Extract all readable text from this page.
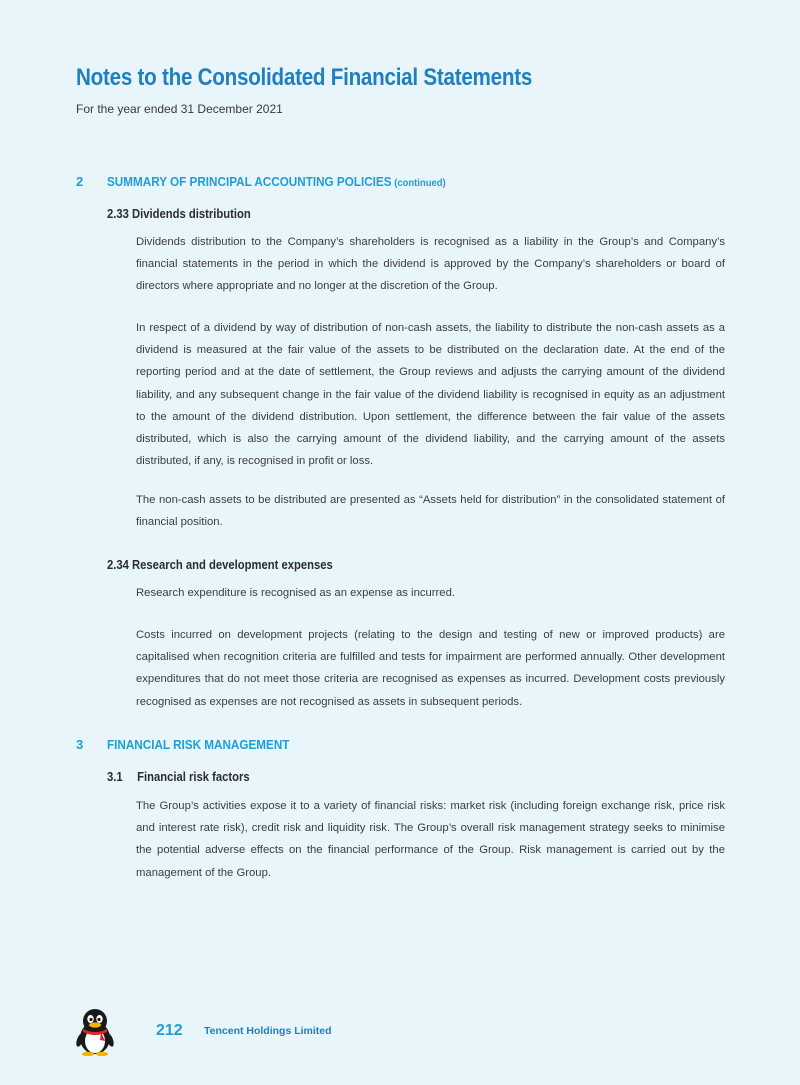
Notes to the Consolidated Financial Statements

For the year ended 31 December 2021

2 SUMMARY OF PRINCIPAL ACCOUNTING POLICIES (continued)
2.33 Dividends distribution

Dividends distribution to the Company’s shareholders is recognised as a liability in the Group’s and Company’s financial statements in the period in which the dividend is approved by the Company’s shareholders or board of directors where appropriate and no longer at the discretion of the Group.

In respect of a dividend by way of distribution of non-cash assets, the liability to distribute the non-cash assets as a dividend is measured at the fair value of the assets to be distributed on the declaration date. At the end of the reporting period and at the date of settlement, the Group reviews and adjusts the carrying amount of the dividend liability, and any subsequent change in the fair value of the dividend liability is recognised in equity as an adjustment to the amount of the dividend distribution. Upon settlement, the difference between the fair value of the assets distributed, which is also the carrying amount of the dividend liability, and the carrying amount of the assets distributed, if any, is recognised in profit or loss.

The non-cash assets to be distributed are presented as “Assets held for distribution” in the consolidated statement of financial position.

2.34 Research and development expenses

Research expenditure is recognised as an expense as incurred.

Costs incurred on development projects (relating to the design and testing of new or improved products) are capitalised when recognition criteria are fulfilled and tests for impairment are performed annually. Other development expenditures that do not meet those criteria are recognised as expenses as incurred. Development costs previously recognised as expenses are not recognised as assets in subsequent periods.

3 FINANCIAL RISK MANAGEMENT
3.1 Financial risk factors

The Group’s activities expose it to a variety of financial risks: market risk (including foreign exchange risk, price risk and interest rate risk), credit risk and liquidity risk. The Group’s overall risk management strategy seeks to minimise the potential adverse effects on the financial performance of the Group. Risk management is carried out by the management of the Group.

212 Tencent Holdings Limited
